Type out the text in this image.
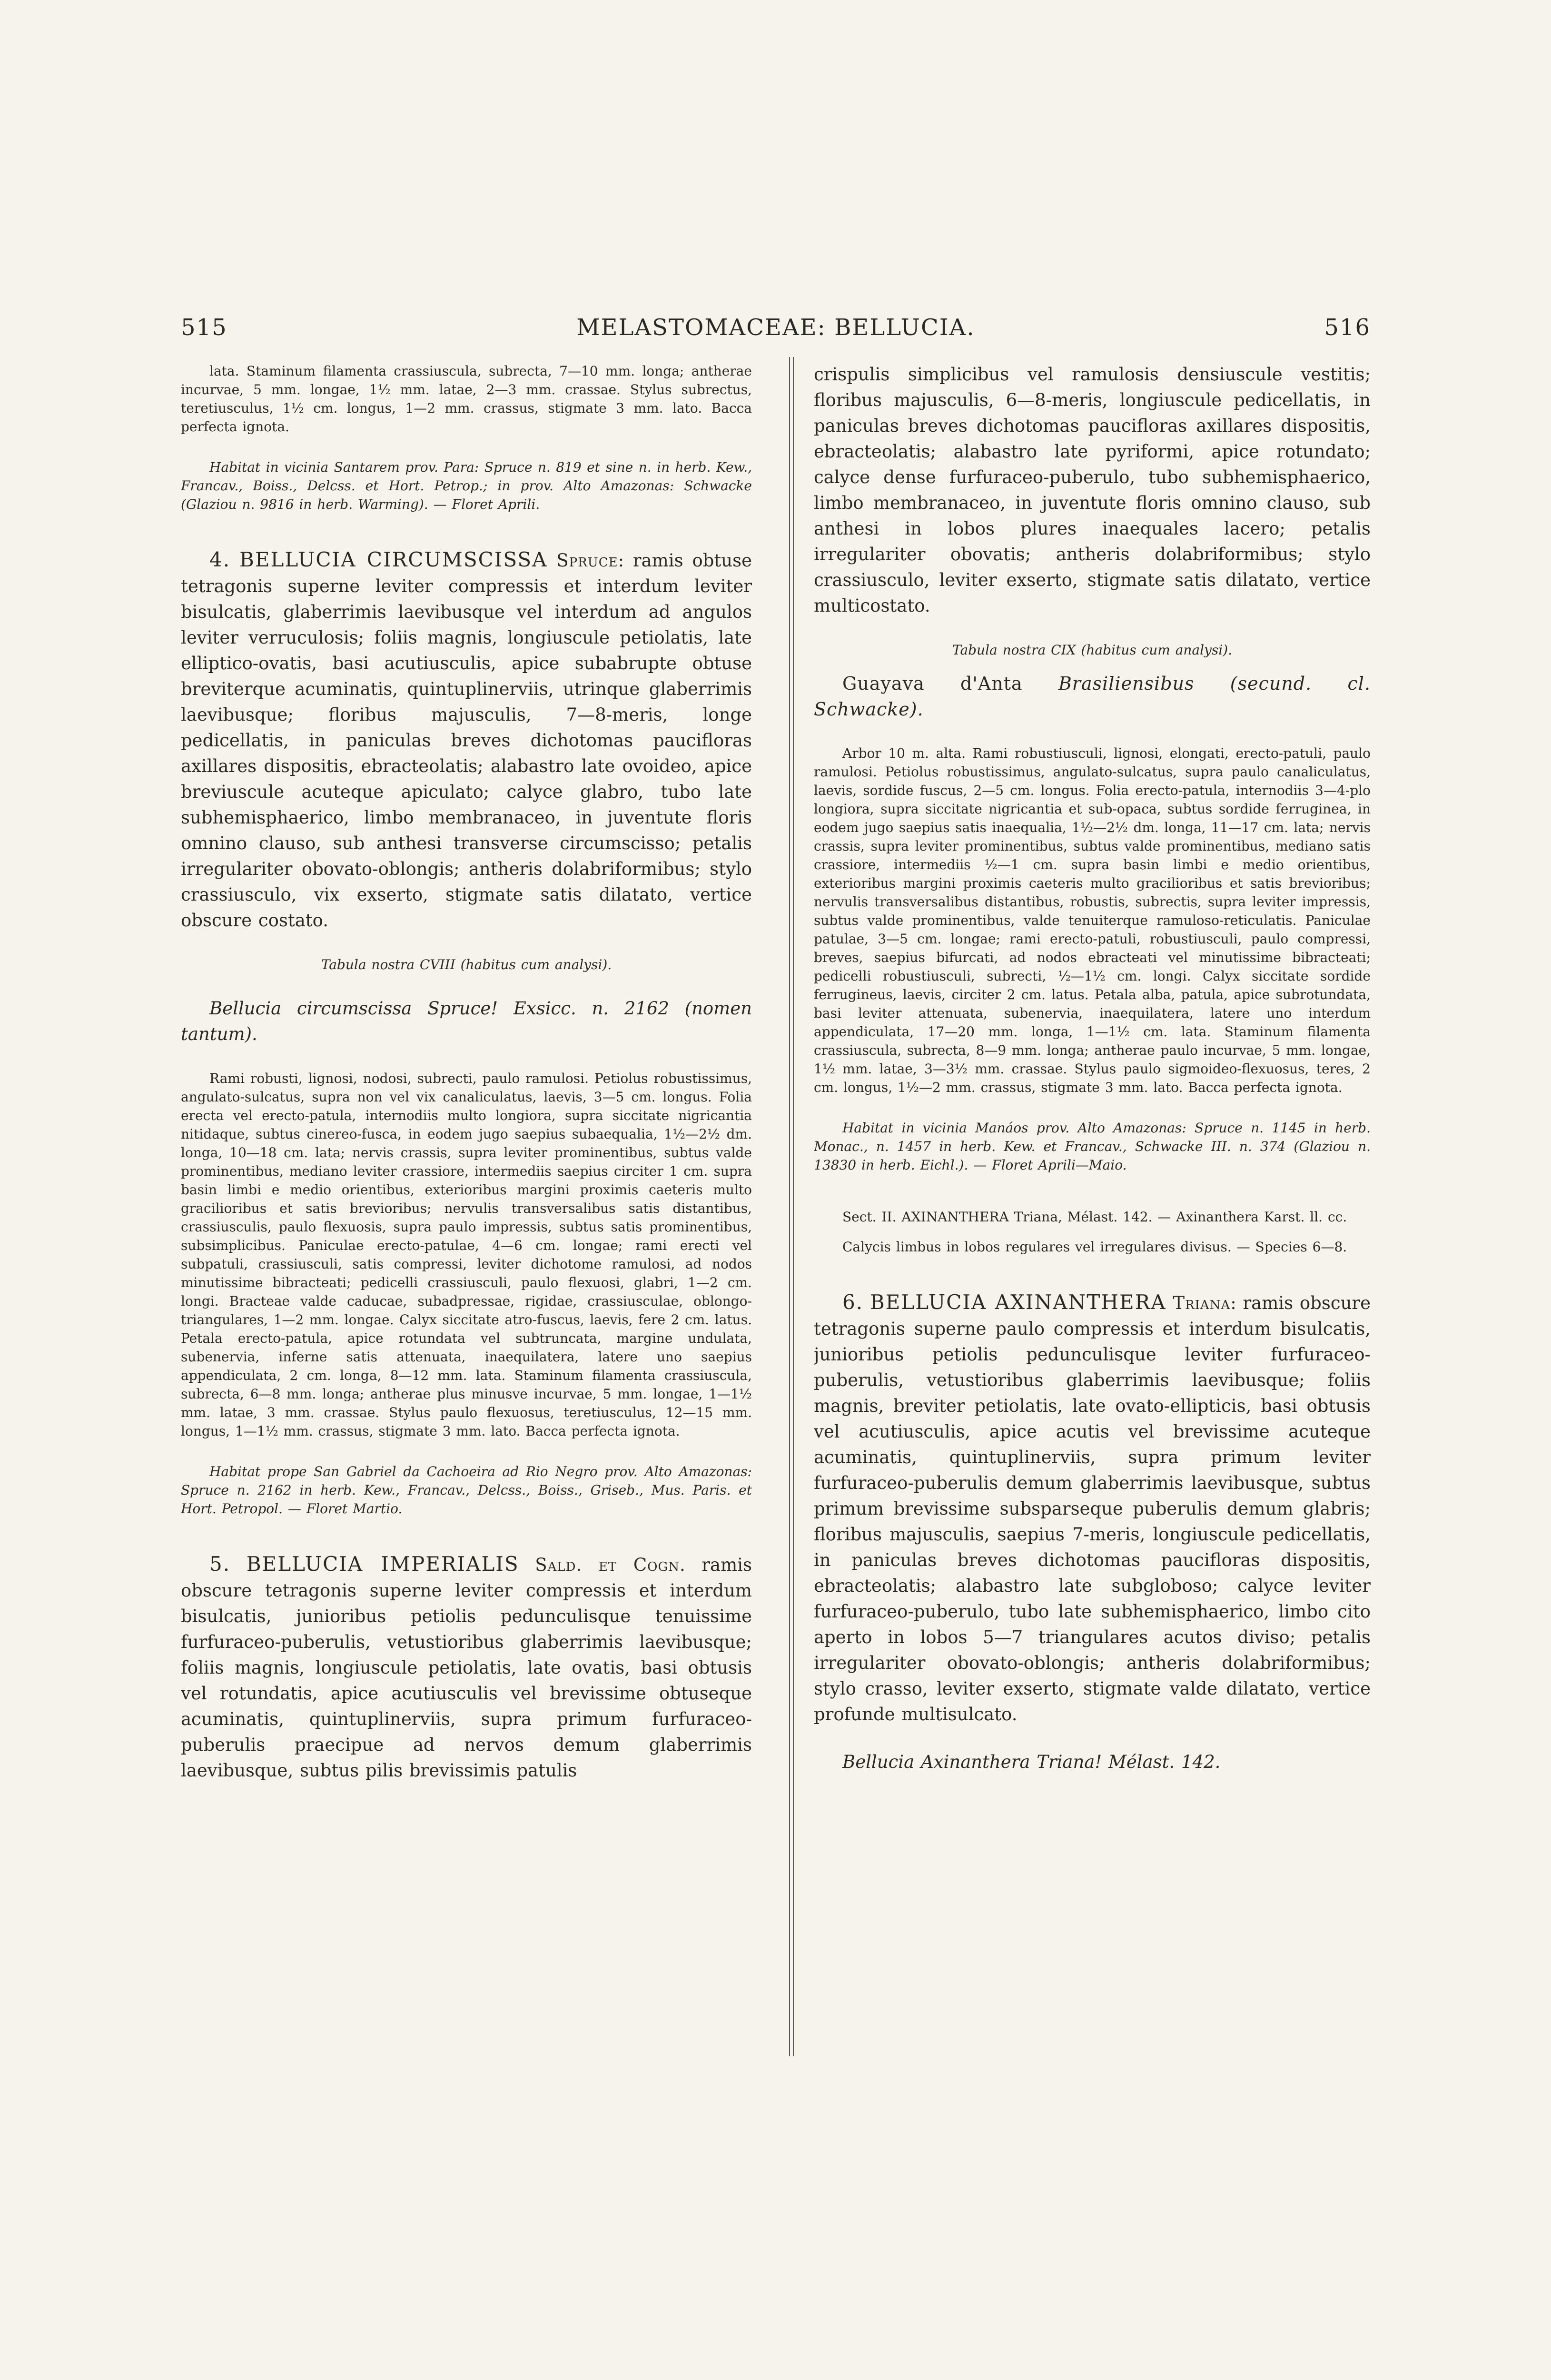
515	MELASTOMACEAE: BELLUCIA.	516

lata. Staminum filamenta crassiuscula, subrecta, 7—10 mm. longa; antherae incurvae, 5 mm. longae, 1½ mm. latae, 2—3 mm. crassae. Stylus subrectus, teretiusculus, 1½ cm. longus, 1—2 mm. crassus, stigmate 3 mm. lato. Bacca perfecta ignota.

Habitat in vicinia Santarem prov. Para: Spruce n. 819 et sine n. in herb. Kew., Francav., Boiss., Delcss. et Hort. Petrop.; in prov. Alto Amazonas: Schwacke (Glaziou n. 9816 in herb. Warming). — Floret Aprili.

4. BELLUCIA CIRCUMSCISSA Spruce: ramis obtuse tetragonis superne leviter compressis et interdum leviter bisulcatis, glaberrimis laevibusque vel interdum ad angulos leviter verruculosis; foliis magnis, longiuscule petiolatis, late elliptico-ovatis, basi acutiusculis, apice subabrupte obtuse breviterque acuminatis, quintuplinerviis, utrinque glaberrimis laevibusque; floribus majusculis, 7—8-meris, longe pedicellatis, in paniculas breves dichotomas paucifloras axillares dispositis, ebracteolatis; alabastro late ovoideo, apice breviuscule acuteque apiculato; calyce glabro, tubo late subhemisphaerico, limbo membranaceo, in juventute floris omnino clauso, sub anthesi transverse circumscisso; petalis irregulariter obovato-oblongis; antheris dolabriformibus; stylo crassiusculo, vix exserto, stigmate satis dilatato, vertice obscure costato.

Tabula nostra CVIII (habitus cum analysi).

Bellucia circumscissa Spruce! Exsicc. n. 2162 (nomen tantum).

Rami robusti, lignosi, nodosi, subrecti, paulo ramulosi. Petiolus robustissimus, angulato-sulcatus, supra non vel vix canaliculatus, laevis, 3—5 cm. longus. Folia erecta vel erecto-patula, internodiis multo longiora, supra siccitate nigricantia nitidaque, subtus cinereo-fusca, in eodem jugo saepius subaequalia, 1½—2½ dm. longa, 10—18 cm. lata; nervis crassis, supra leviter prominentibus, subtus valde prominentibus, mediano leviter crassiore, intermediis saepius circiter 1 cm. supra basin limbi e medio orientibus, exterioribus margini proximis caeteris multo gracilioribus et satis brevioribus; nervulis transversalibus satis distantibus, crassiusculis, paulo flexuosis, supra paulo impressis, subtus satis prominentibus, subsimplicibus. Paniculae erecto-patulae, 4—6 cm. longae; rami erecti vel subpatuli, crassiusculi, satis compressi, leviter dichotome ramulosi, ad nodos minutissime bibracteati; pedicelli crassiusculi, paulo flexuosi, glabri, 1—2 cm. longi. Bracteae valde caducae, subadpressae, rigidae, crassiusculae, oblongo-triangulares, 1—2 mm. longae. Calyx siccitate atro-fuscus, laevis, fere 2 cm. latus. Petala erecto-patula, apice rotundata vel subtruncata, margine undulata, subenervia, inferne satis attenuata, inaequilatera, latere uno saepius appendiculata, 2 cm. longa, 8—12 mm. lata. Staminum filamenta crassiuscula, subrecta, 6—8 mm. longa; antherae plus minusve incurvae, 5 mm. longae, 1—1½ mm. latae, 3 mm. crassae. Stylus paulo flexuosus, teretiusculus, 12—15 mm. longus, 1—1½ mm. crassus, stigmate 3 mm. lato. Bacca perfecta ignota.

Habitat prope San Gabriel da Cachoeira ad Rio Negro prov. Alto Amazonas: Spruce n. 2162 in herb. Kew., Francav., Delcss., Boiss., Griseb., Mus. Paris. et Hort. Petropol. — Floret Martio.

5. BELLUCIA IMPERIALIS Sald. et Cogn. ramis obscure tetragonis superne leviter compressis et interdum bisulcatis, junioribus petiolis pedunculisque tenuissime furfuraceo-puberulis, vetustioribus glaberrimis laevibusque; foliis magnis, longiuscule petiolatis, late ovatis, basi obtusis vel rotundatis, apice acutiusculis vel brevissime obtuseque acuminatis, quintuplinerviis, supra primum furfuraceo-puberulis praecipue ad nervos demum glaberrimis laevibusque, subtus pilis brevissimis patulis

crispulis simplicibus vel ramulosis densiuscule vestitis; floribus majusculis, 6—8-meris, longiuscule pedicellatis, in paniculas breves dichotomas paucifloras axillares dispositis, ebracteolatis; alabastro late pyriformi, apice rotundato; calyce dense furfuraceo-puberulo, tubo subhemisphaerico, limbo membranaceo, in juventute floris omnino clauso, sub anthesi in lobos plures inaequales lacero; petalis irregulariter obovatis; antheris dolabriformibus; stylo crassiusculo, leviter exserto, stigmate satis dilatato, vertice multicostato.

Tabula nostra CIX (habitus cum analysi).

Guayava d'Anta Brasiliensibus (secund. cl. Schwacke).

Arbor 10 m. alta. Rami robustiusculi, lignosi, elongati, erecto-patuli, paulo ramulosi. Petiolus robustissimus, angulato-sulcatus, supra paulo canaliculatus, laevis, sordide fuscus, 2—5 cm. longus. Folia erecto-patula, internodiis 3—4-plo longiora, supra siccitate nigricantia et sub-opaca, subtus sordide ferruginea, in eodem jugo saepius satis inaequalia, 1½—2½ dm. longa, 11—17 cm. lata; nervis crassis, supra leviter prominentibus, subtus valde prominentibus, mediano satis crassiore, intermediis ½—1 cm. supra basin limbi e medio orientibus, exterioribus margini proximis caeteris multo gracilioribus et satis brevioribus; nervulis transversalibus distantibus, robustis, subrectis, supra leviter impressis, subtus valde prominentibus, valde tenuiterque ramuloso-reticulatis. Paniculae patulae, 3—5 cm. longae; rami erecto-patuli, robustiusculi, paulo compressi, breves, saepius bifurcati, ad nodos ebracteati vel minutissime bibracteati; pedicelli robustiusculi, subrecti, ½—1½ cm. longi. Calyx siccitate sordide ferrugineus, laevis, circiter 2 cm. latus. Petala alba, patula, apice subrotundata, basi leviter attenuata, subenervia, inaequilatera, latere uno interdum appendiculata, 17—20 mm. longa, 1—1½ cm. lata. Staminum filamenta crassiuscula, subrecta, 8—9 mm. longa; antherae paulo incurvae, 5 mm. longae, 1½ mm. latae, 3—3½ mm. crassae. Stylus paulo sigmoideo-flexuosus, teres, 2 cm. longus, 1½—2 mm. crassus, stigmate 3 mm. lato. Bacca perfecta ignota.

Habitat in vicinia Manáos prov. Alto Amazonas: Spruce n. 1145 in herb. Monac., n. 1457 in herb. Kew. et Francav., Schwacke III. n. 374 (Glaziou n. 13830 in herb. Eichl.). — Floret Aprili—Maio.

Sect. II. AXINANTHERA Triana, Mélast. 142. — Axinanthera Karst. ll. cc.

Calycis limbus in lobos regulares vel irregulares divisus. — Species 6—8.

6. BELLUCIA AXINANTHERA Triana: ramis obscure tetragonis superne paulo compressis et interdum bisulcatis, junioribus petiolis pedunculisque leviter furfuraceo-puberulis, vetustioribus glaberrimis laevibusque; foliis magnis, breviter petiolatis, late ovato-ellipticis, basi obtusis vel acutiusculis, apice acutis vel brevissime acuteque acuminatis, quintuplinerviis, supra primum leviter furfuraceo-puberulis demum glaberrimis laevibusque, subtus primum brevissime subsparseque puberulis demum glabris; floribus majusculis, saepius 7-meris, longiuscule pedicellatis, in paniculas breves dichotomas paucifloras dispositis, ebracteolatis; alabastro late subgloboso; calyce leviter furfuraceo-puberulo, tubo late subhemisphaerico, limbo cito aperto in lobos 5—7 triangulares acutos diviso; petalis irregulariter obovato-oblongis; antheris dolabriformibus; stylo crasso, leviter exserto, stigmate valde dilatato, vertice profunde multisulcato.

Bellucia Axinanthera Triana! Mélast. 142.
